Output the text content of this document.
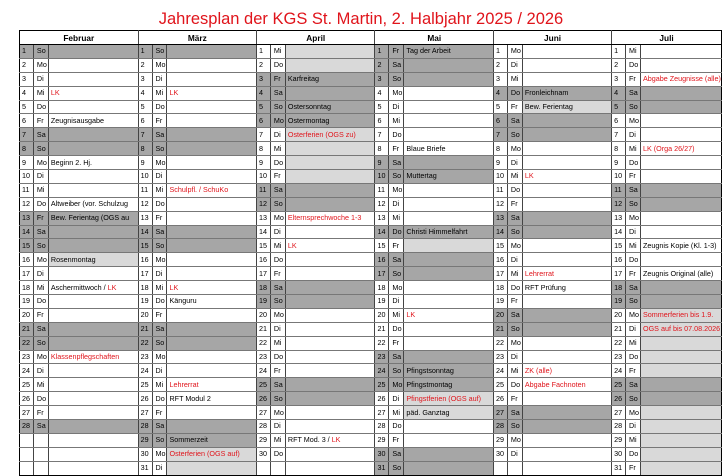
Jahresplan der KGS St. Martin, 2. Halbjahr 2025 / 2026
Februar			März			April			Mai			Juni			Juli		
1	So		1	So		1	Mi		1	Fr	Tag der Arbeit	1	Mo		1	Mi	
2	Mo		2	Mo		2	Do		2	Sa		2	Di		2	Do	
3	Di		3	Di		3	Fr	Karfreitag	3	So		3	Mi		3	Fr	Abgabe Zeugnisse (alle)
4	Mi	LK	4	Mi	LK	4	Sa		4	Mo		4	Do	Fronleichnam	4	Sa	
5	Do		5	Do		5	So	Ostersonntag	5	Di		5	Fr	Bew. Ferientag	5	So	
6	Fr	Zeugnisausgabe	6	Fr		6	Mo	Ostermontag	6	Mi		6	Sa		6	Mo	
7	Sa		7	Sa		7	Di	Osterferien (OGS zu)	7	Do		7	So		7	Di	
8	So		8	So		8	Mi		8	Fr	Blaue Briefe	8	Mo		8	Mi	LK (Orga 26/27)
9	Mo	Beginn 2. Hj.	9	Mo		9	Do		9	Sa		9	Di		9	Do	
10	Di		10	Di		10	Fr		10	So	Muttertag	10	Mi	LK	10	Fr	
11	Mi		11	Mi	Schulpfl. / SchuKo	11	Sa		11	Mo		11	Do		11	Sa	
12	Do	Altweiber (vor. Schulzug	12	Do		12	So		12	Di		12	Fr		12	So	
13	Fr	Bew. Ferientag (OGS au	13	Fr		13	Mo	Elternsprechwoche 1-3	13	Mi		13	Sa		13	Mo	
14	Sa		14	Sa		14	Di		14	Do	Christi Himmelfahrt	14	So		14	Di	
15	So		15	So		15	Mi	LK	15	Fr		15	Mo		15	Mi	Zeugnis Kopie (Kl. 1-3)
16	Mo	Rosenmontag	16	Mo		16	Do		16	Sa		16	Di		16	Do	
17	Di		17	Di		17	Fr		17	So		17	Mi	Lehrerrat	17	Fr	Zeugnis Original (alle)
18	Mi	Aschermittwoch / LK	18	Mi	LK	18	Sa		18	Mo		18	Do	RFT Prüfung	18	Sa	
19	Do		19	Do	Känguru	19	So		19	Di		19	Fr		19	So	
20	Fr		20	Fr		20	Mo		20	Mi	LK	20	Sa		20	Mo	Sommerferien bis 1.9.
21	Sa		21	Sa		21	Di		21	Do		21	So		21	Di	OGS auf bis 07.08.2026
22	So		22	So		22	Mi		22	Fr		22	Mo		22	Mi	
23	Mo	Klassenpflegschaften	23	Mo		23	Do		23	Sa		23	Di		23	Do	
24	Di		24	Di		24	Fr		24	So	Pfingstsonntag	24	Mi	ZK (alle)	24	Fr	
25	Mi		25	Mi	Lehrerrat	25	Sa		25	Mo	Pfingstmontag	25	Do	Abgabe Fachnoten	25	Sa	
26	Do		26	Do	RFT Modul 2	26	So		26	Di	Pfingstferien (OGS auf)	26	Fr		26	So	
27	Fr		27	Fr		27	Mo		27	Mi	päd. Ganztag	27	Sa		27	Mo	
28	Sa		28	Sa		28	Di		28	Do		28	So		28	Di	
			29	So	Sommerzeit	29	Mi	RFT Mod. 3 / LK	29	Fr		29	Mo		29	Mi	
			30	Mo	Osterferien (OGS auf)	30	Do		30	Sa		30	Di		30	Do	
			31	Di					31	So					31	Fr	
